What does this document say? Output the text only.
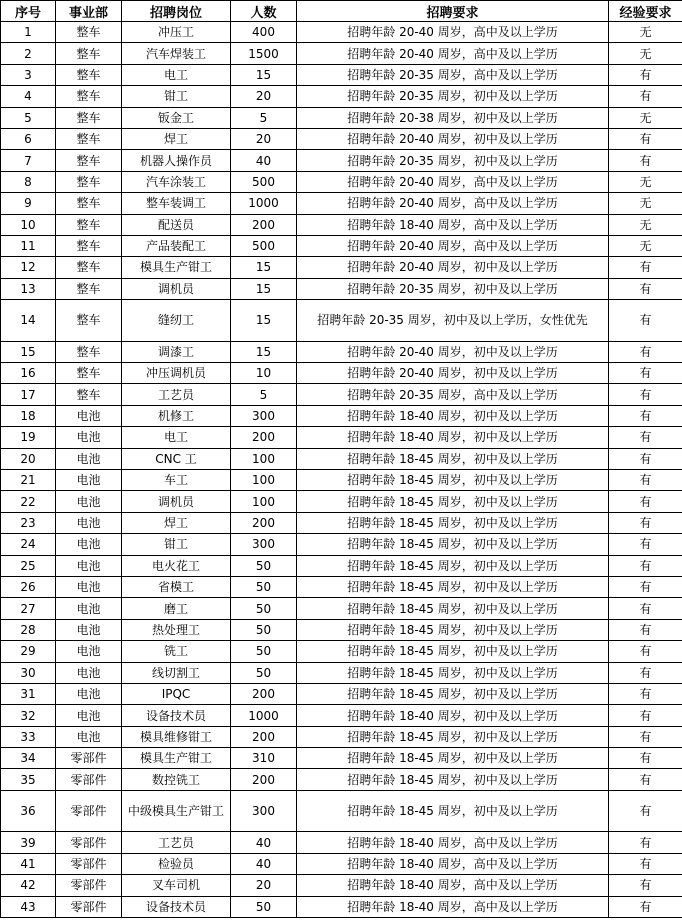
序号	事业部	招聘岗位	人数	招聘要求	经验要求
1	整车	冲压工	400	招聘年龄 20-40 周岁，高中及以上学历	无
2	整车	汽车焊装工	1500	招聘年龄 20-40 周岁，高中及以上学历	无
3	整车	电工	15	招聘年龄 20-35 周岁，高中及以上学历	有
4	整车	钳工	20	招聘年龄 20-35 周岁，初中及以上学历	有
5	整车	钣金工	5	招聘年龄 20-38 周岁，初中及以上学历	无
6	整车	焊工	20	招聘年龄 20-40 周岁，初中及以上学历	有
7	整车	机器人操作员	40	招聘年龄 20-35 周岁，初中及以上学历	有
8	整车	汽车涂装工	500	招聘年龄 20-40 周岁，高中及以上学历	无
9	整车	整车装调工	1000	招聘年龄 20-40 周岁，高中及以上学历	无
10	整车	配送员	200	招聘年龄 18-40 周岁，高中及以上学历	无
11	整车	产品装配工	500	招聘年龄 20-40 周岁，高中及以上学历	无
12	整车	模具生产钳工	15	招聘年龄 20-40 周岁，初中及以上学历	有
13	整车	调机员	15	招聘年龄 20-35 周岁，初中及以上学历	有
14	整车	缝纫工	15	招聘年龄 20-35 周岁，初中及以上学历，女性优先	有
15	整车	调漆工	15	招聘年龄 20-40 周岁，初中及以上学历	有
16	整车	冲压调机员	10	招聘年龄 20-40 周岁，初中及以上学历	有
17	整车	工艺员	5	招聘年龄 20-35 周岁，高中及以上学历	有
18	电池	机修工	300	招聘年龄 18-40 周岁，初中及以上学历	有
19	电池	电工	200	招聘年龄 18-40 周岁，初中及以上学历	有
20	电池	CNC 工	100	招聘年龄 18-45 周岁，初中及以上学历	有
21	电池	车工	100	招聘年龄 18-45 周岁，初中及以上学历	有
22	电池	调机员	100	招聘年龄 18-45 周岁，初中及以上学历	有
23	电池	焊工	200	招聘年龄 18-45 周岁，初中及以上学历	有
24	电池	钳工	300	招聘年龄 18-45 周岁，初中及以上学历	有
25	电池	电火花工	50	招聘年龄 18-45 周岁，初中及以上学历	有
26	电池	省模工	50	招聘年龄 18-45 周岁，初中及以上学历	有
27	电池	磨工	50	招聘年龄 18-45 周岁，初中及以上学历	有
28	电池	热处理工	50	招聘年龄 18-45 周岁，初中及以上学历	有
29	电池	铣工	50	招聘年龄 18-45 周岁，初中及以上学历	有
30	电池	线切割工	50	招聘年龄 18-45 周岁，初中及以上学历	有
31	电池	IPQC	200	招聘年龄 18-45 周岁，初中及以上学历	有
32	电池	设备技术员	1000	招聘年龄 18-40 周岁，初中及以上学历	有
33	电池	模具维修钳工	200	招聘年龄 18-45 周岁，初中及以上学历	有
34	零部件	模具生产钳工	310	招聘年龄 18-45 周岁，初中及以上学历	有
35	零部件	数控铣工	200	招聘年龄 18-45 周岁，初中及以上学历	有
36	零部件	中级模具生产钳工	300	招聘年龄 18-45 周岁，初中及以上学历	有
39	零部件	工艺员	40	招聘年龄 18-40 周岁，高中及以上学历	有
41	零部件	检验员	40	招聘年龄 18-40 周岁，高中及以上学历	有
42	零部件	叉车司机	20	招聘年龄 18-40 周岁，高中及以上学历	有
43	零部件	设备技术员	50	招聘年龄 18-40 周岁，高中及以上学历	有
